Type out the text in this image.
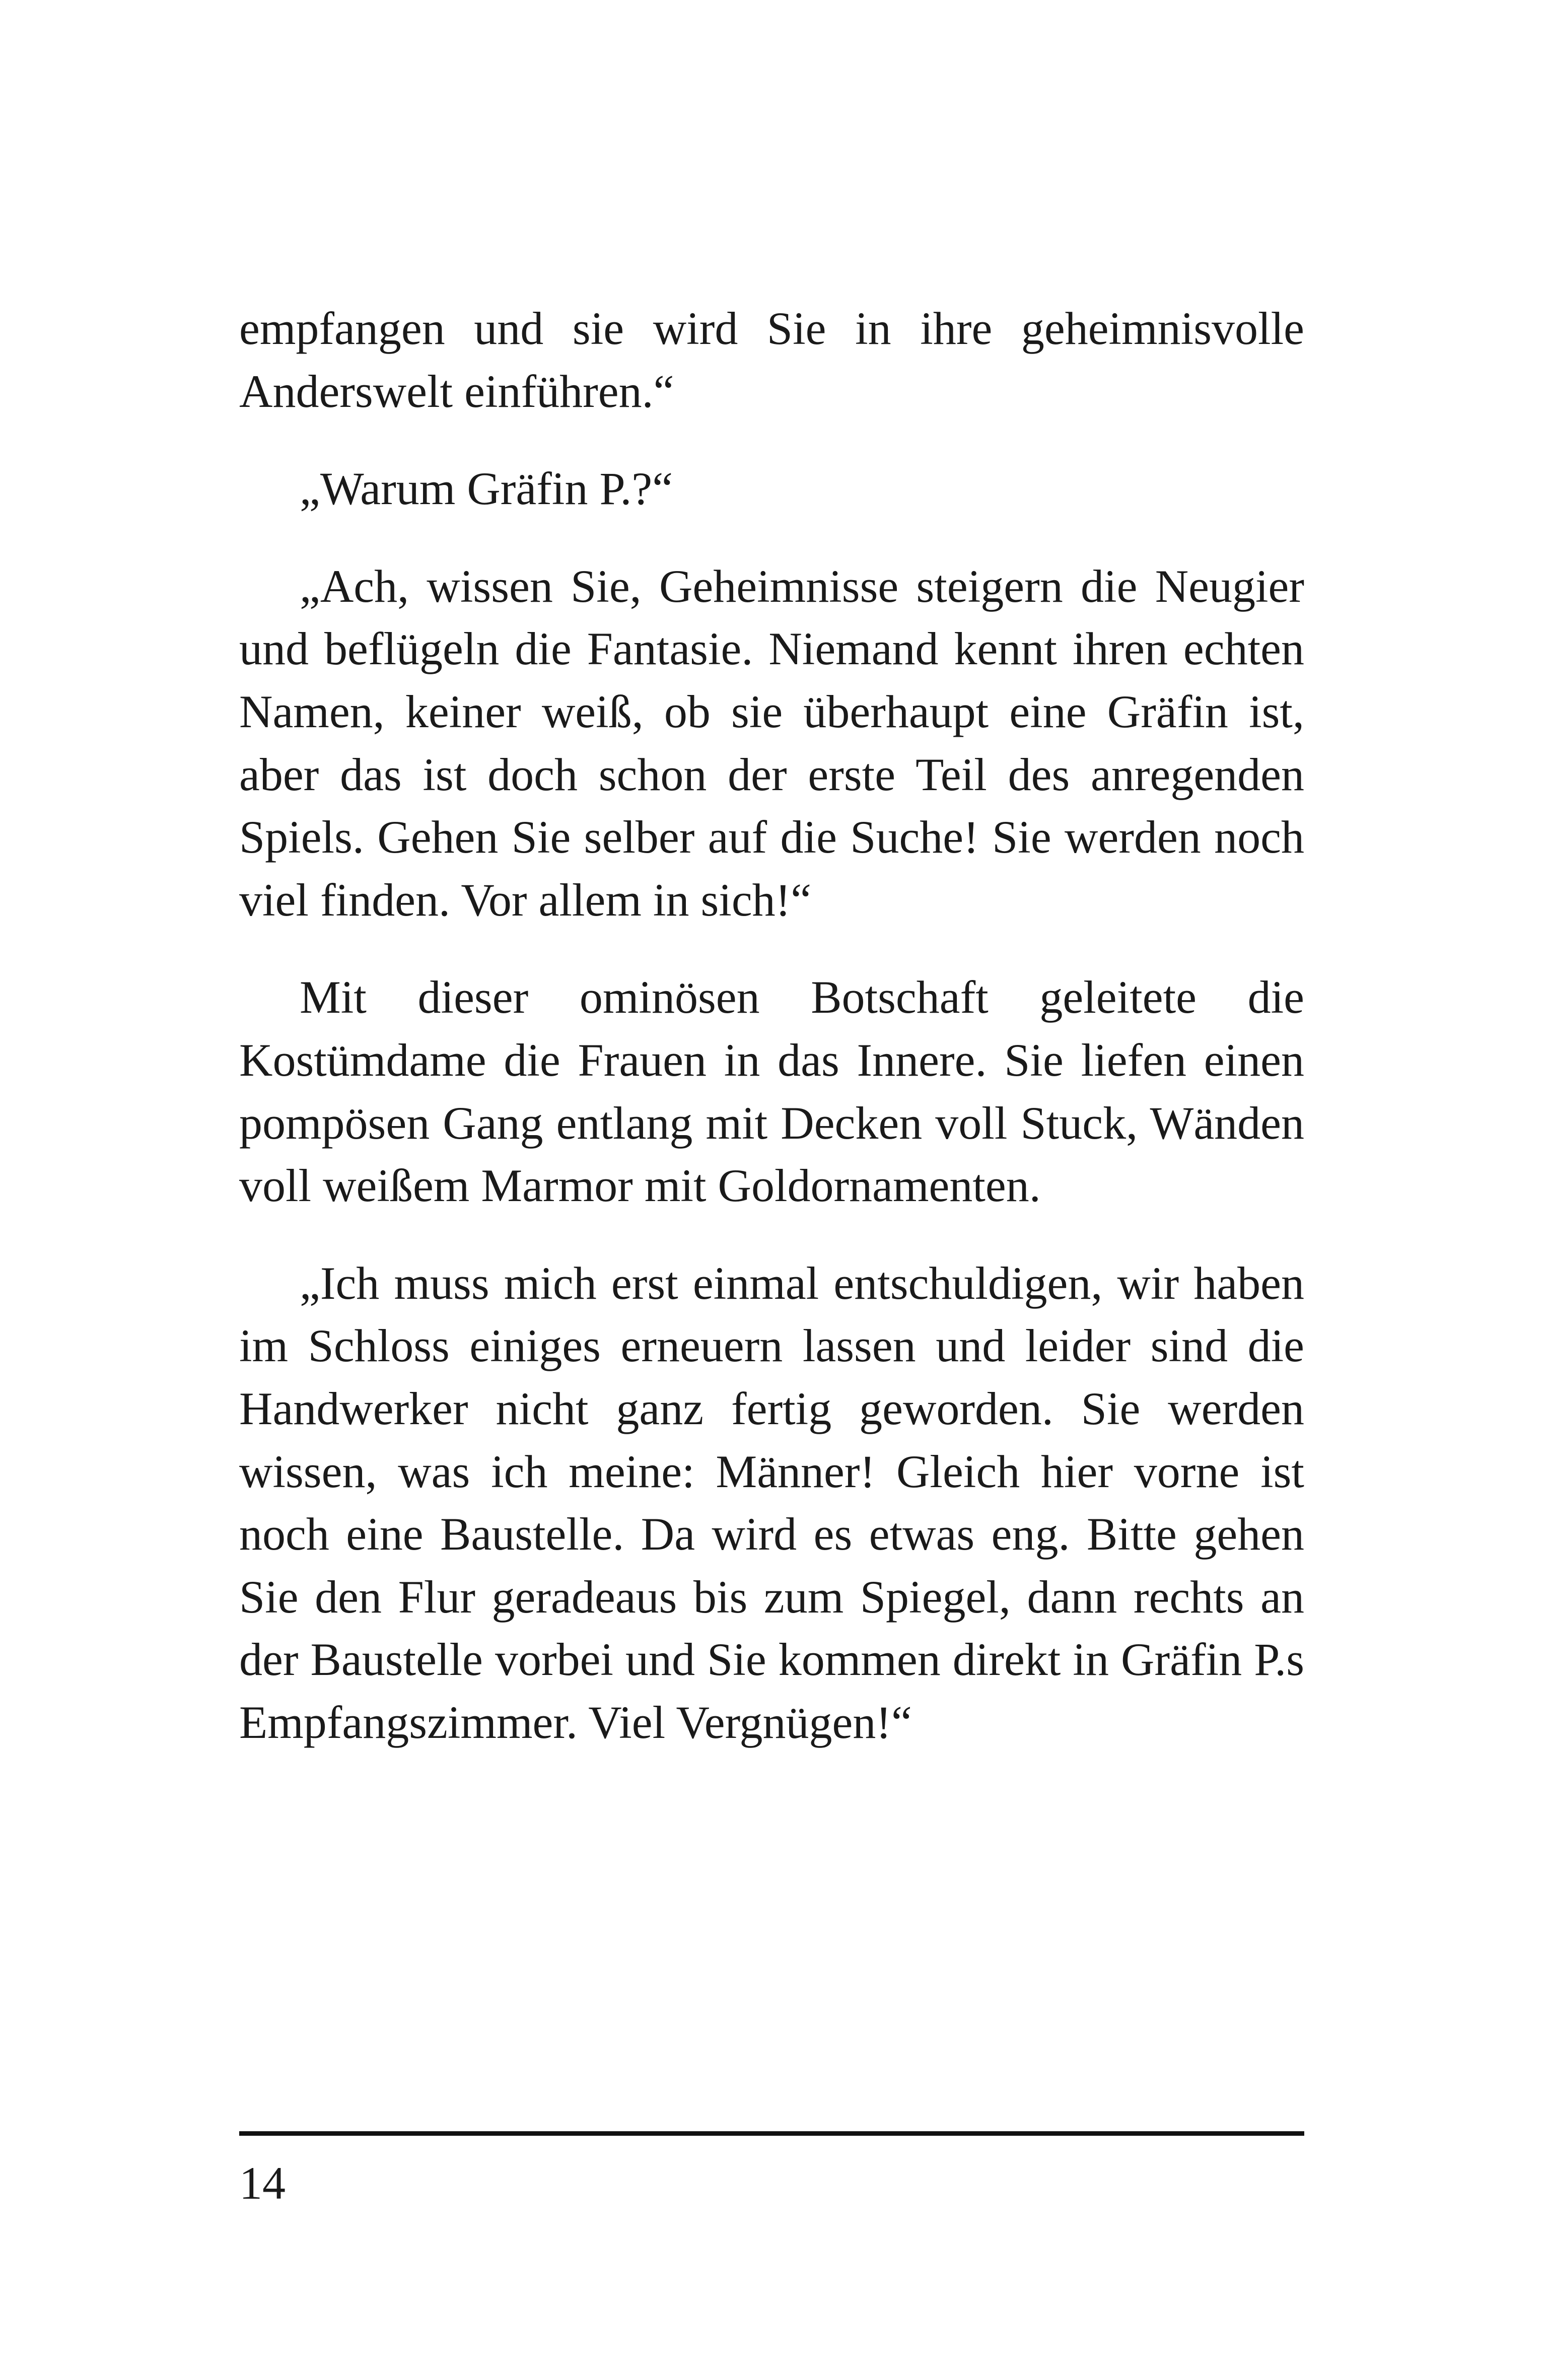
empfangen und sie wird Sie in ihre geheimnisvolle Anderswelt einführen.“

„Warum Gräfin P.?“

„Ach, wissen Sie, Geheimnisse steigern die Neugier und beflügeln die Fantasie. Niemand kennt ihren echten Namen, keiner weiß, ob sie überhaupt eine Gräfin ist, aber das ist doch schon der erste Teil des anregenden Spiels. Gehen Sie selber auf die Suche! Sie werden noch viel finden. Vor allem in sich!“

Mit dieser ominösen Botschaft geleitete die Kostümdame die Frauen in das Innere. Sie liefen einen pompösen Gang entlang mit Decken voll Stuck, Wänden voll weißem Marmor mit Goldornamenten.

„Ich muss mich erst einmal entschuldigen, wir haben im Schloss einiges erneuern lassen und leider sind die Handwerker nicht ganz fertig geworden. Sie werden wissen, was ich meine: Männer! Gleich hier vorne ist noch eine Baustelle. Da wird es etwas eng. Bitte gehen Sie den Flur geradeaus bis zum Spiegel, dann rechts an der Baustelle vorbei und Sie kommen direkt in Gräfin P.s Empfangszimmer. Viel Vergnügen!“

14
